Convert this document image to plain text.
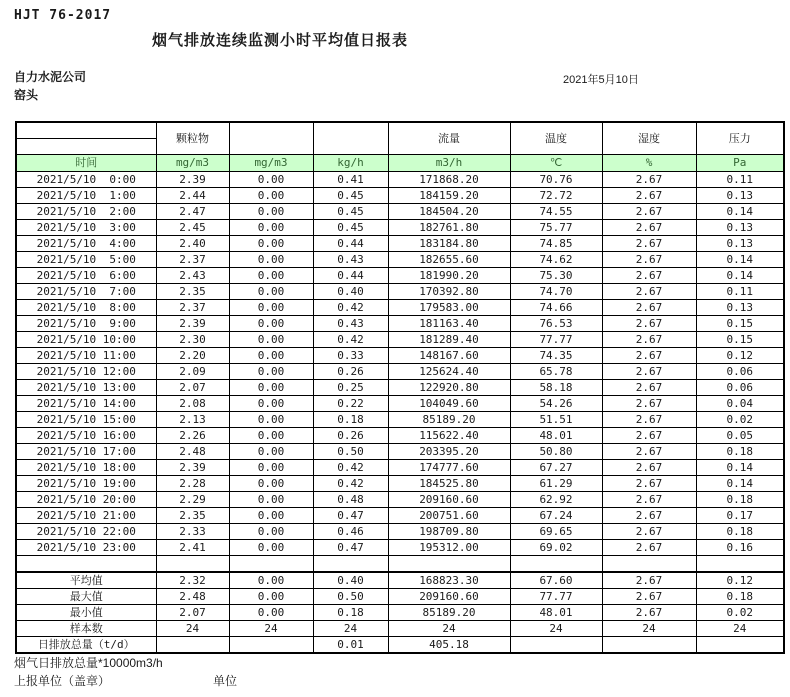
HJT 76-2017
烟气排放连续监测小时平均值日报表
自力水泥公司	2021年5月10日
窑头
	颗粒物			流量	温度	湿度	压力

时间	mg/m3	mg/m3	kg/h	m3/h	℃	%	Pa
2021/5/10  0:00	2.39	0.00	0.41	171868.20	70.76	2.67	0.11
2021/5/10  1:00	2.44	0.00	0.45	184159.20	72.72	2.67	0.13
2021/5/10  2:00	2.47	0.00	0.45	184504.20	74.55	2.67	0.14
2021/5/10  3:00	2.45	0.00	0.45	182761.80	75.77	2.67	0.13
2021/5/10  4:00	2.40	0.00	0.44	183184.80	74.85	2.67	0.13
2021/5/10  5:00	2.37	0.00	0.43	182655.60	74.62	2.67	0.14
2021/5/10  6:00	2.43	0.00	0.44	181990.20	75.30	2.67	0.14
2021/5/10  7:00	2.35	0.00	0.40	170392.80	74.70	2.67	0.11
2021/5/10  8:00	2.37	0.00	0.42	179583.00	74.66	2.67	0.13
2021/5/10  9:00	2.39	0.00	0.43	181163.40	76.53	2.67	0.15
2021/5/10 10:00	2.30	0.00	0.42	181289.40	77.77	2.67	0.15
2021/5/10 11:00	2.20	0.00	0.33	148167.60	74.35	2.67	0.12
2021/5/10 12:00	2.09	0.00	0.26	125624.40	65.78	2.67	0.06
2021/5/10 13:00	2.07	0.00	0.25	122920.80	58.18	2.67	0.06
2021/5/10 14:00	2.08	0.00	0.22	104049.60	54.26	2.67	0.04
2021/5/10 15:00	2.13	0.00	0.18	85189.20	51.51	2.67	0.02
2021/5/10 16:00	2.26	0.00	0.26	115622.40	48.01	2.67	0.05
2021/5/10 17:00	2.48	0.00	0.50	203395.20	50.80	2.67	0.18
2021/5/10 18:00	2.39	0.00	0.42	174777.60	67.27	2.67	0.14
2021/5/10 19:00	2.28	0.00	0.42	184525.80	61.29	2.67	0.14
2021/5/10 20:00	2.29	0.00	0.48	209160.60	62.92	2.67	0.18
2021/5/10 21:00	2.35	0.00	0.47	200751.60	67.24	2.67	0.17
2021/5/10 22:00	2.33	0.00	0.46	198709.80	69.65	2.67	0.18
2021/5/10 23:00	2.41	0.00	0.47	195312.00	69.02	2.67	0.16

平均值	2.32	0.00	0.40	168823.30	67.60	2.67	0.12
最大值	2.48	0.00	0.50	209160.60	77.77	2.67	0.18
最小值	2.07	0.00	0.18	85189.20	48.01	2.67	0.02
样本数	24	24	24	24	24	24	24
日排放总量（t/d）			0.01	405.18			
烟气日排放总量*10000m3/h
上报单位（盖章）	单位
